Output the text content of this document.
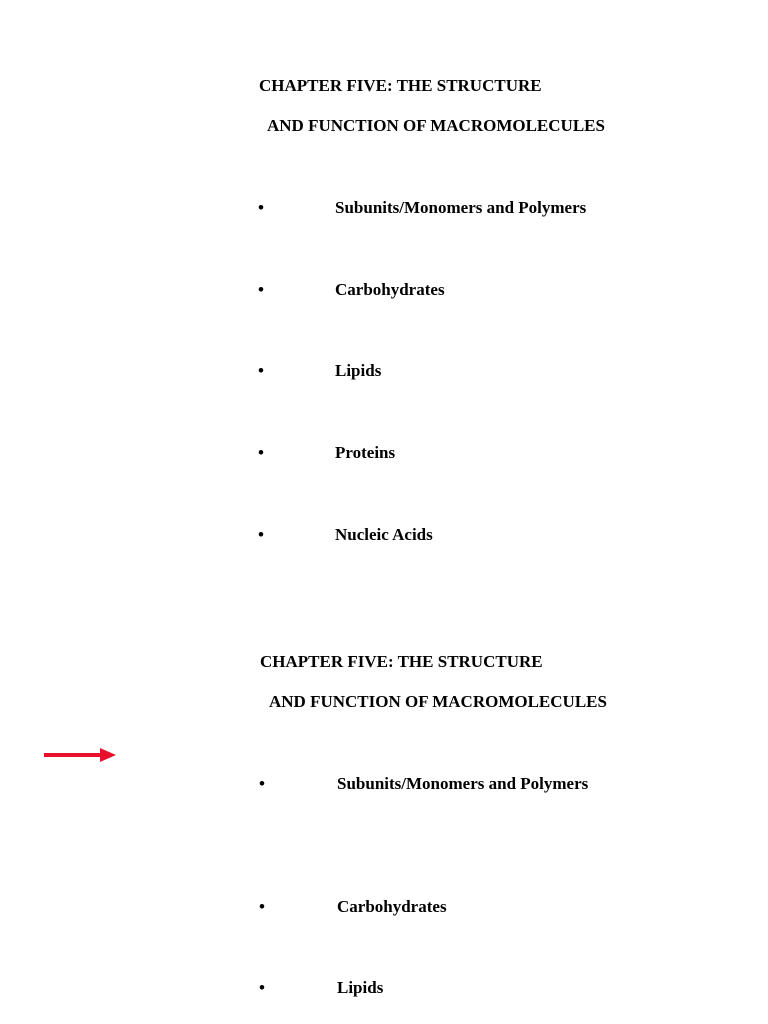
CHAPTER FIVE: THE STRUCTURE
AND FUNCTION OF MACROMOLECULES
•	Subunits/Monomers and Polymers
•	Carbohydrates
•	Lipids
•	Proteins
•	Nucleic Acids
CHAPTER FIVE: THE STRUCTURE
AND FUNCTION OF MACROMOLECULES
•	Subunits/Monomers and Polymers
•	Carbohydrates
•	Lipids
